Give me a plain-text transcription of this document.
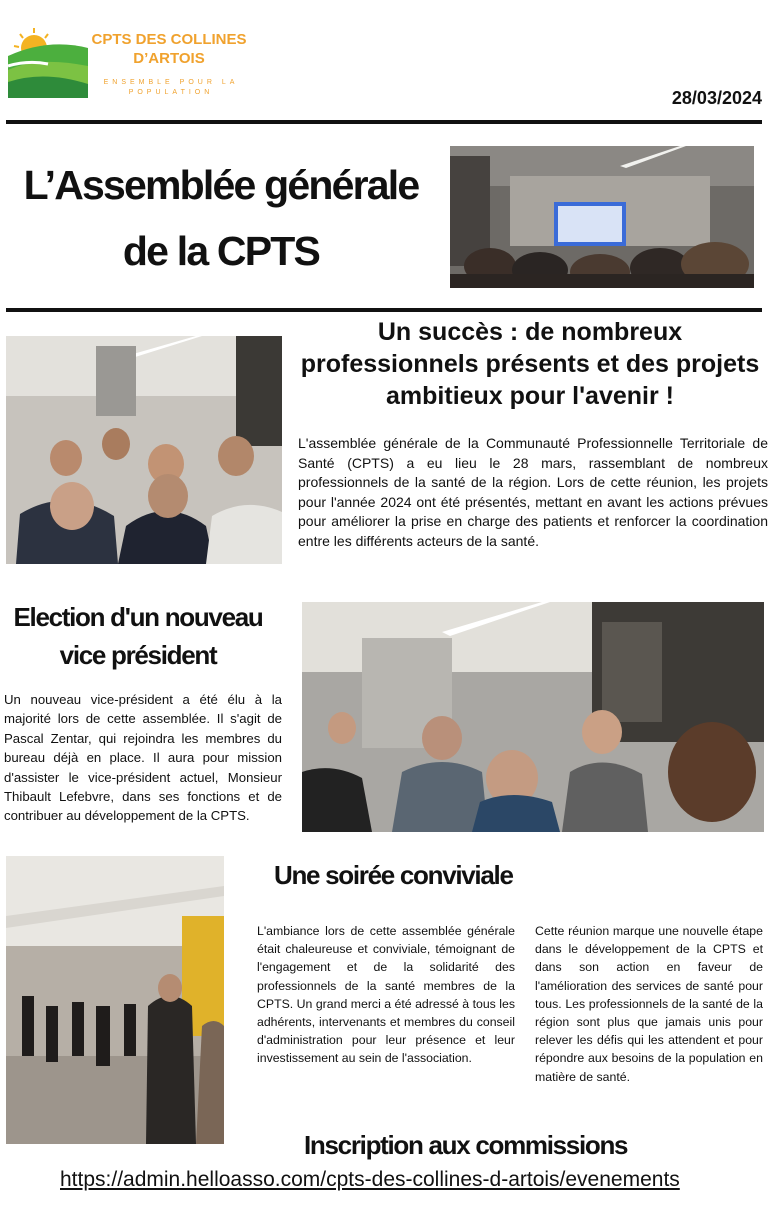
CPTS DES COLLINES D’ARTOIS
ENSEMBLE POUR LA POPULATION	28/03/2024
L’Assemblée générale de la CPTS
Un succès : de nombreux professionnels présents et des projets ambitieux pour l'avenir !
L'assemblée générale de la Communauté Professionnelle Territoriale de Santé (CPTS) a eu lieu le 28 mars, rassemblant de nombreux professionnels de la santé de la région. Lors de cette réunion, les projets pour l'année 2024 ont été présentés, mettant en avant les actions prévues pour améliorer la prise en charge des patients et renforcer la coordination entre les différents acteurs de la santé.
Election d'un nouveau vice président
Un nouveau vice-président a été élu à la majorité lors de cette assemblée. Il s'agit de Pascal Zentar, qui rejoindra les membres du bureau déjà en place. Il aura pour mission d'assister le vice-président actuel, Monsieur Thibault Lefebvre, dans ses fonctions et de contribuer au développement de la CPTS.
Une soirée conviviale
L'ambiance lors de cette assemblée générale était chaleureuse et conviviale, témoignant de l'engagement et de la solidarité des professionnels de la santé membres de la CPTS. Un grand merci a été adressé à tous les adhérents, intervenants et membres du conseil d'administration pour leur présence et leur investissement au sein de l'association.
Cette réunion marque une nouvelle étape dans le développement de la CPTS et dans son action en faveur de l'amélioration des services de santé pour tous. Les professionnels de la santé de la région sont plus que jamais unis pour relever les défis qui les attendent et pour répondre aux besoins de la population en matière de santé.
Inscription aux commissions
https://admin.helloasso.com/cpts-des-collines-d-artois/evenements
